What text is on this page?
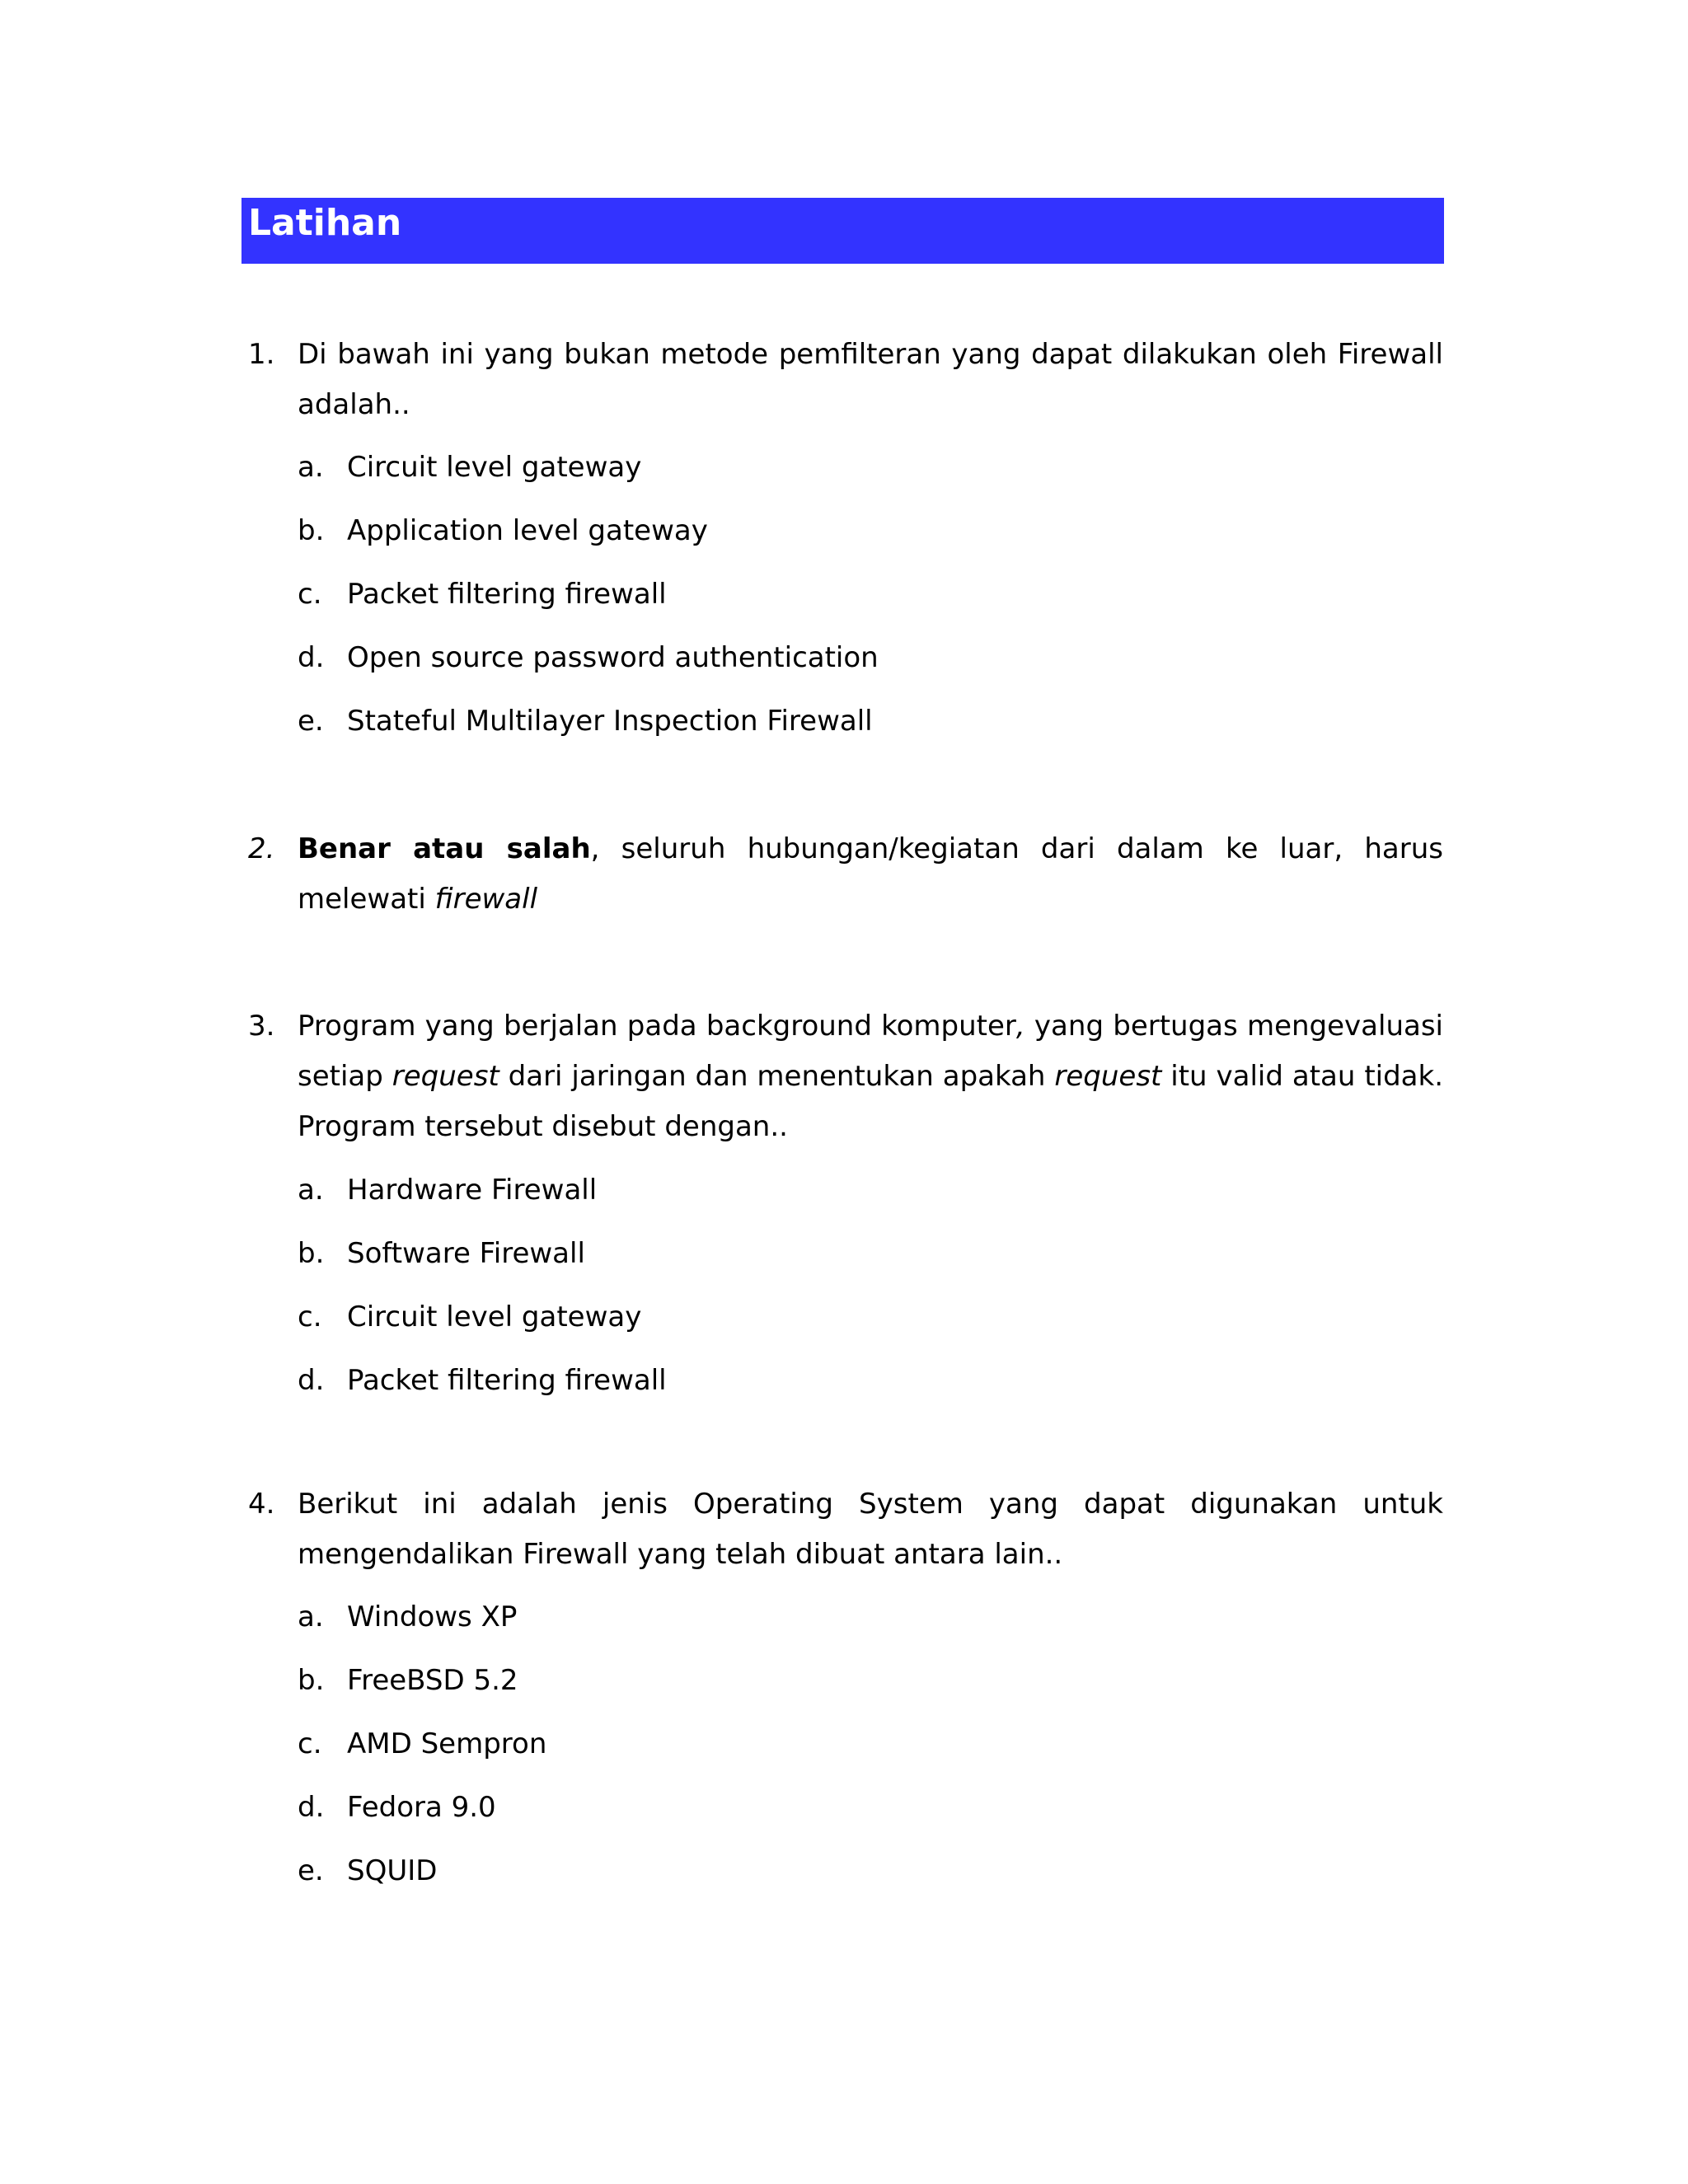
Latihan
1. Di bawah ini yang bukan metode pemfilteran yang dapat dilakukan oleh Firewall adalah..
a. Circuit level gateway
b. Application level gateway
c. Packet filtering firewall
d. Open source password authentication
e. Stateful Multilayer Inspection Firewall
2. Benar atau salah, seluruh hubungan/kegiatan dari dalam ke luar, harus melewati firewall
3. Program yang berjalan pada background komputer, yang bertugas mengevaluasi setiap request dari jaringan dan menentukan apakah request itu valid atau tidak. Program tersebut disebut dengan..
a. Hardware Firewall
b. Software Firewall
c. Circuit level gateway
d. Packet filtering firewall
4. Berikut ini adalah jenis Operating System yang dapat digunakan untuk mengendalikan Firewall yang telah dibuat antara lain..
a. Windows XP
b. FreeBSD 5.2
c. AMD Sempron
d. Fedora 9.0
e. SQUID
